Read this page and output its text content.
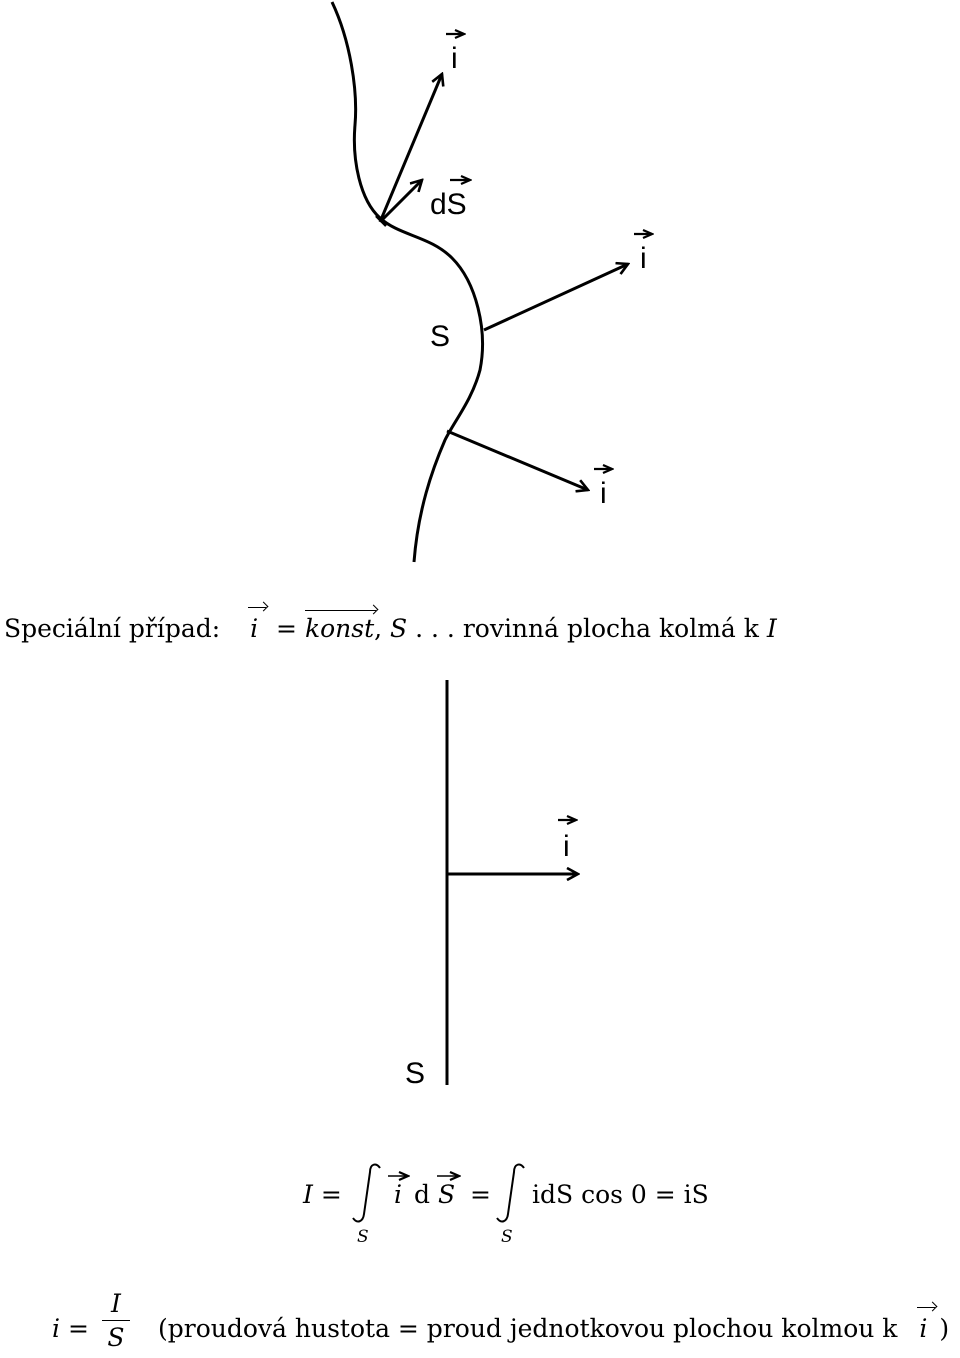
i
dS
i
S
i
Speciální případ: i = konst, S . . . rovinná plocha kolmá k I
i
S
I =
S
i d S =
S
idS cos 0 = iS
i =
I
S (proudová hustota = proud jednotkovou plochou kolmou k i )
